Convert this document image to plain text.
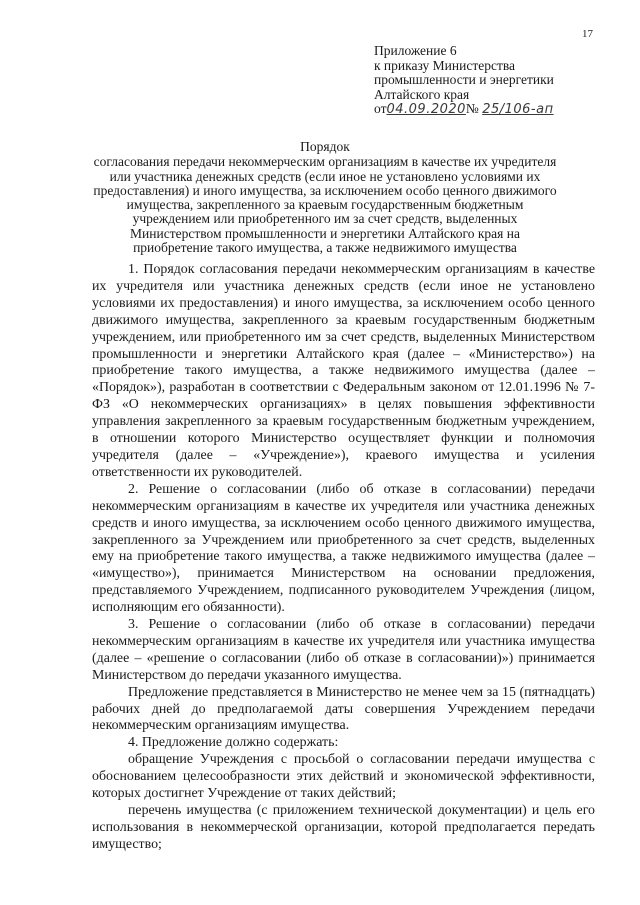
17
Приложение 6
к приказу Министерства
промышленности и энергетики
Алтайского края
от04.09.2020№ 25/106-ап
Порядок
согласования передачи некоммерческим организациям в качестве их учредителя или участника денежных средств (если иное не установлено условиями их предоставления) и иного имущества, за исключением особо ценного движимого имущества, закрепленного за краевым государственным бюджетным учреждением или приобретенного им за счет средств, выделенных Министерством промышленности и энергетики Алтайского края на приобретение такого имущества, а также недвижимого имущества

1. Порядок согласования передачи некоммерческим организациям в качестве их учредителя или участника денежных средств (если иное не установлено условиями их предоставления) и иного имущества, за исключением особо ценного движимого имущества, закрепленного за краевым государственным бюджетным учреждением, или приобретенного им за счет средств, выделенных Министерством промышленности и энергетики Алтайского края (далее – «Министерство») на приобретение такого имущества, а также недвижимого имущества (далее – «Порядок»), разработан в соответствии с Федеральным законом от 12.01.1996 № 7-ФЗ «О некоммерческих организациях» в целях повышения эффективности управления закрепленного за краевым государственным бюджетным учреждением, в отношении которого Министерство осуществляет функции и полномочия учредителя (далее – «Учреждение»), краевого имущества и усиления ответственности их руководителей.

2. Решение о согласовании (либо об отказе в согласовании) передачи некоммерческим организациям в качестве их учредителя или участника денежных средств и иного имущества, за исключением особо ценного движимого имущества, закрепленного за Учреждением или приобретенного за счет средств, выделенных ему на приобретение такого имущества, а также недвижимого имущества (далее – «имущество»), принимается Министерством на основании предложения, представляемого Учреждением, подписанного руководителем Учреждения (лицом, исполняющим его обязанности).

3. Решение о согласовании (либо об отказе в согласовании) передачи некоммерческим организациям в качестве их учредителя или участника имущества (далее – «решение о согласовании (либо об отказе в согласовании)») принимается Министерством до передачи указанного имущества.

Предложение представляется в Министерство не менее чем за 15 (пятнадцать) рабочих дней до предполагаемой даты совершения Учреждением передачи некоммерческим организациям имущества.

4. Предложение должно содержать:

обращение Учреждения с просьбой о согласовании передачи имущества с обоснованием целесообразности этих действий и экономической эффективности, которых достигнет Учреждение от таких действий;

перечень имущества (с приложением технической документации) и цель его использования в некоммерческой организации, которой предполагается передать имущество;
